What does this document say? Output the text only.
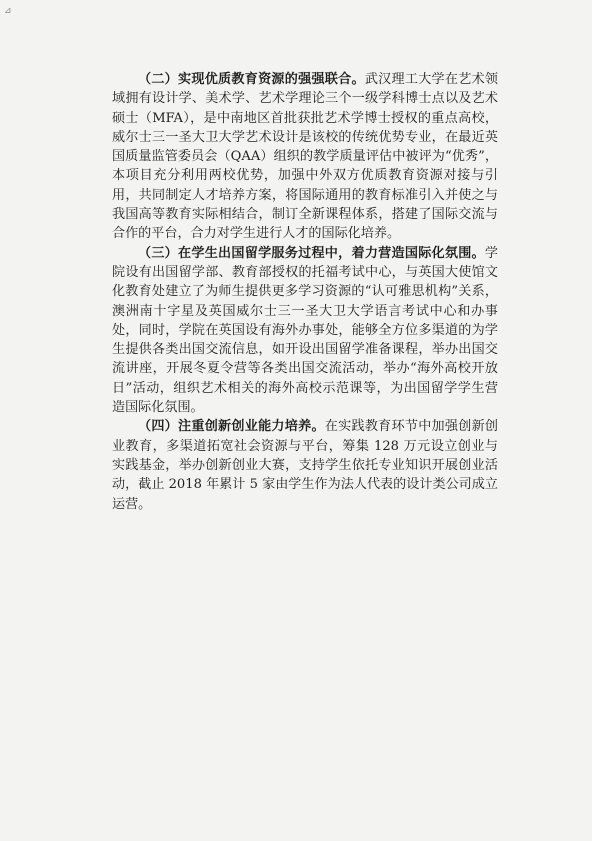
⊿

（二）实现优质教育资源的强强联合。武汉理工大学在艺术领域拥有设计学、美术学、艺术学理论三个一级学科博士点以及艺术硕士（MFA），是中南地区首批获批艺术学博士授权的重点高校，威尔士三一圣大卫大学艺术设计是该校的传统优势专业，在最近英国质量监管委员会（QAA）组织的教学质量评估中被评为“优秀”，本项目充分利用两校优势，加强中外双方优质教育资源对接与引用，共同制定人才培养方案，将国际通用的教育标准引入并使之与我国高等教育实际相结合，制订全新课程体系，搭建了国际交流与合作的平台，合力对学生进行人才的国际化培养。

（三）在学生出国留学服务过程中，着力营造国际化氛围。学院设有出国留学部、教育部授权的托福考试中心，与英国大使馆文化教育处建立了为师生提供更多学习资源的“认可雅思机构”关系，澳洲南十字星及英国威尔士三一圣大卫大学语言考试中心和办事处，同时，学院在英国设有海外办事处，能够全方位多渠道的为学生提供各类出国交流信息，如开设出国留学准备课程，举办出国交流讲座，开展冬夏令营等各类出国交流活动，举办“海外高校开放日”活动，组织艺术相关的海外高校示范课等，为出国留学学生营造国际化氛围。

（四）注重创新创业能力培养。在实践教育环节中加强创新创业教育，多渠道拓宽社会资源与平台，筹集 128 万元设立创业与实践基金，举办创新创业大赛，支持学生依托专业知识开展创业活动，截止 2018 年累计 5 家由学生作为法人代表的设计类公司成立运营。
